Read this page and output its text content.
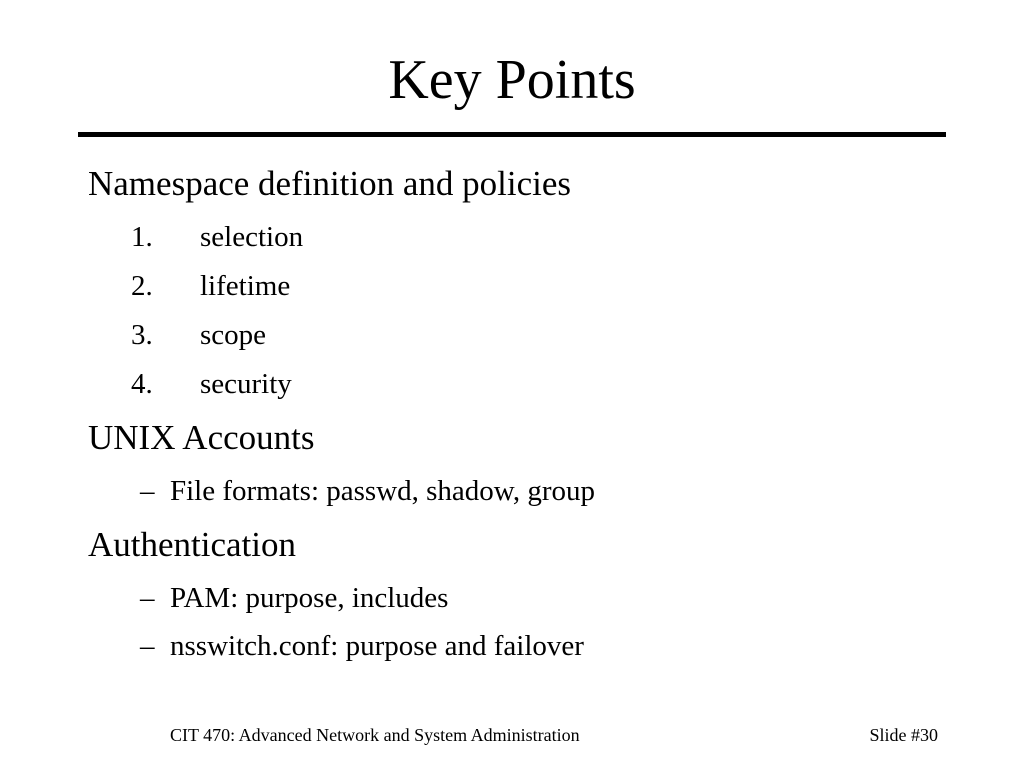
Key Points
Namespace definition and policies
1. selection
2. lifetime
3. scope
4. security
UNIX Accounts
– File formats: passwd, shadow, group
Authentication
– PAM: purpose, includes
– nsswitch.conf: purpose and failover
CIT 470: Advanced Network and System Administration	Slide #30
